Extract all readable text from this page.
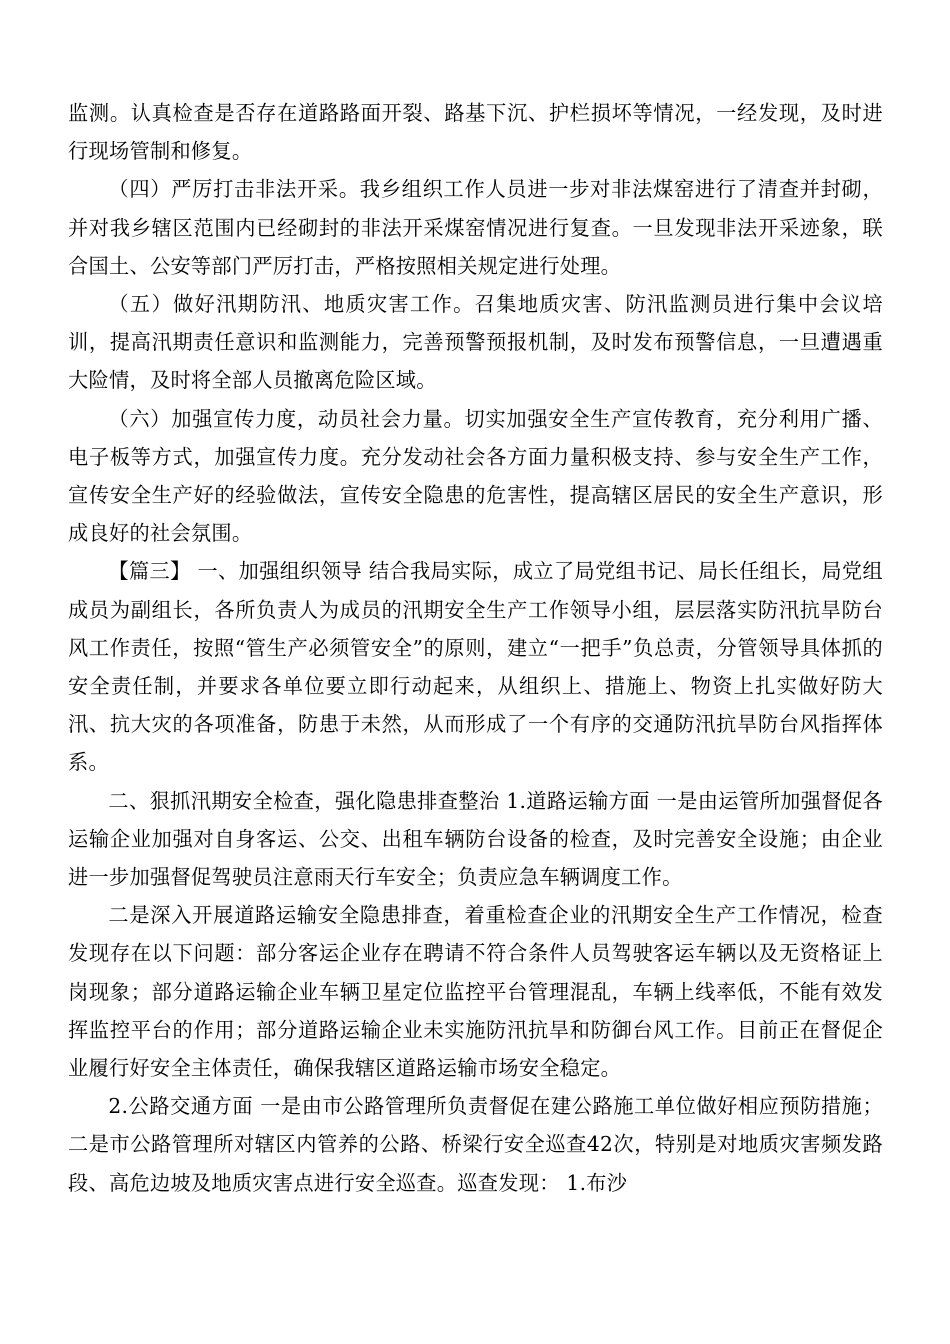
监测。认真检查是否存在道路路面开裂、路基下沉、护栏损坏等情况，一经发现，及时进行现场管制和修复。

（四）严厉打击非法开采。我乡组织工作人员进一步对非法煤窑进行了清查并封砌，并对我乡辖区范围内已经砌封的非法开采煤窑情况进行复查。一旦发现非法开采迹象，联合国土、公安等部门严厉打击，严格按照相关规定进行处理。

（五）做好汛期防汛、地质灾害工作。召集地质灾害、防汛监测员进行集中会议培训，提高汛期责任意识和监测能力，完善预警预报机制，及时发布预警信息，一旦遭遇重大险情，及时将全部人员撤离危险区域。

（六）加强宣传力度，动员社会力量。切实加强安全生产宣传教育，充分利用广播、电子板等方式，加强宣传力度。充分发动社会各方面力量积极支持、参与安全生产工作，宣传安全生产好的经验做法，宣传安全隐患的危害性，提高辖区居民的安全生产意识，形成良好的社会氛围。

【篇三】 一、加强组织领导 结合我局实际，成立了局党组书记、局长任组长，局党组成员为副组长，各所负责人为成员的汛期安全生产工作领导小组，层层落实防汛抗旱防台风工作责任，按照“管生产必须管安全”的原则，建立“一把手”负总责，分管领导具体抓的安全责任制，并要求各单位要立即行动起来，从组织上、措施上、物资上扎实做好防大汛、抗大灾的各项准备，防患于未然，从而形成了一个有序的交通防汛抗旱防台风指挥体系。

二、狠抓汛期安全检查，强化隐患排查整治 1.道路运输方面 一是由运管所加强督促各运输企业加强对自身客运、公交、出租车辆防台设备的检查，及时完善安全设施；由企业进一步加强督促驾驶员注意雨天行车安全；负责应急车辆调度工作。

二是深入开展道路运输安全隐患排查，着重检查企业的汛期安全生产工作情况，检查发现存在以下问题：部分客运企业存在聘请不符合条件人员驾驶客运车辆以及无资格证上岗现象；部分道路运输企业车辆卫星定位监控平台管理混乱，车辆上线率低，不能有效发挥监控平台的作用；部分道路运输企业未实施防汛抗旱和防御台风工作。目前正在督促企业履行好安全主体责任，确保我辖区道路运输市场安全稳定。

2.公路交通方面 一是由市公路管理所负责督促在建公路施工单位做好相应预防措施； 二是市公路管理所对辖区内管养的公路、桥梁行安全巡查42次，特别是对地质灾害频发路段、高危边坡及地质灾害点进行安全巡查。巡查发现： 1.布沙
